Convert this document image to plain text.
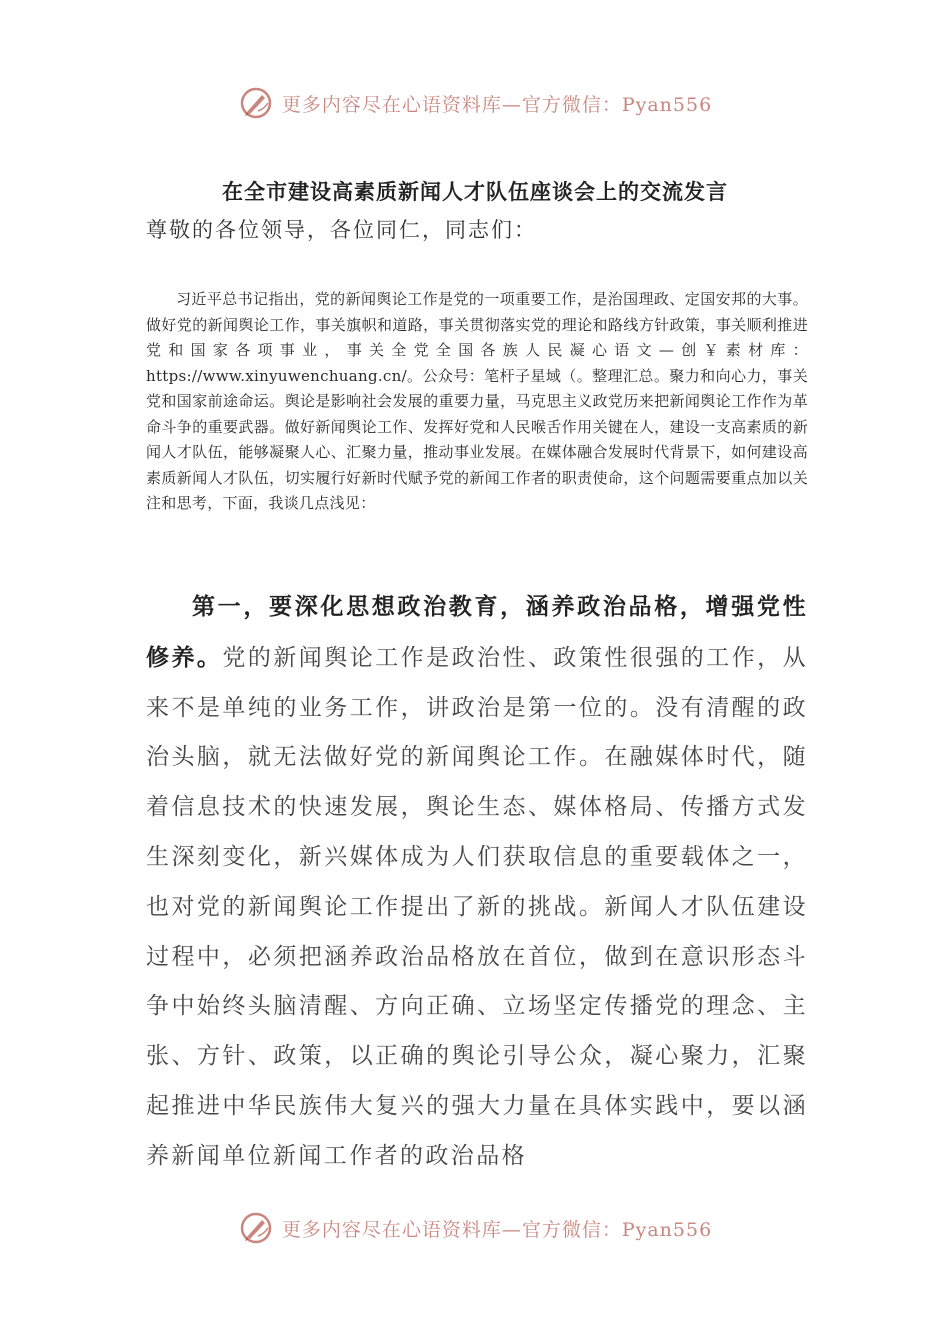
更多内容尽在心语资料库—官方微信：Pyan556
在全市建设高素质新闻人才队伍座谈会上的交流发言

尊敬的各位领导，各位同仁，同志们：

习近平总书记指出，党的新闻舆论工作是党的一项重要工作，是治国理政、定国安邦的大事。做好党的新闻舆论工作，事关旗帜和道路，事关贯彻落实党的理论和路线方针政策，事关顺利推进党和国家各项事业，事关全党全国各族人民凝心语文—创￥素材库：https://www.xinyuwenchuang.cn/。公众号：笔杆子星域（。整理汇总。聚力和向心力，事关党和国家前途命运。舆论是影响社会发展的重要力量，马克思主义政党历来把新闻舆论工作作为革命斗争的重要武器。做好新闻舆论工作、发挥好党和人民喉舌作用关键在人，建设一支高素质的新闻人才队伍，能够凝聚人心、汇聚力量，推动事业发展。在媒体融合发展时代背景下，如何建设高素质新闻人才队伍，切实履行好新时代赋予党的新闻工作者的职责使命，这个问题需要重点加以关注和思考，下面，我谈几点浅见：

第一，要深化思想政治教育，涵养政治品格，增强党性修养。党的新闻舆论工作是政治性、政策性很强的工作，从来不是单纯的业务工作，讲政治是第一位的。没有清醒的政治头脑，就无法做好党的新闻舆论工作。在融媒体时代，随着信息技术的快速发展，舆论生态、媒体格局、传播方式发生深刻变化，新兴媒体成为人们获取信息的重要载体之一，也对党的新闻舆论工作提出了新的挑战。新闻人才队伍建设过程中，必须把涵养政治品格放在首位，做到在意识形态斗争中始终头脑清醒、方向正确、立场坚定传播党的理念、主张、方针、政策，以正确的舆论引导公众，凝心聚力，汇聚起推进中华民族伟大复兴的强大力量在具体实践中，要以涵养新闻单位新闻工作者的政治品格

更多内容尽在心语资料库—官方微信：Pyan556
